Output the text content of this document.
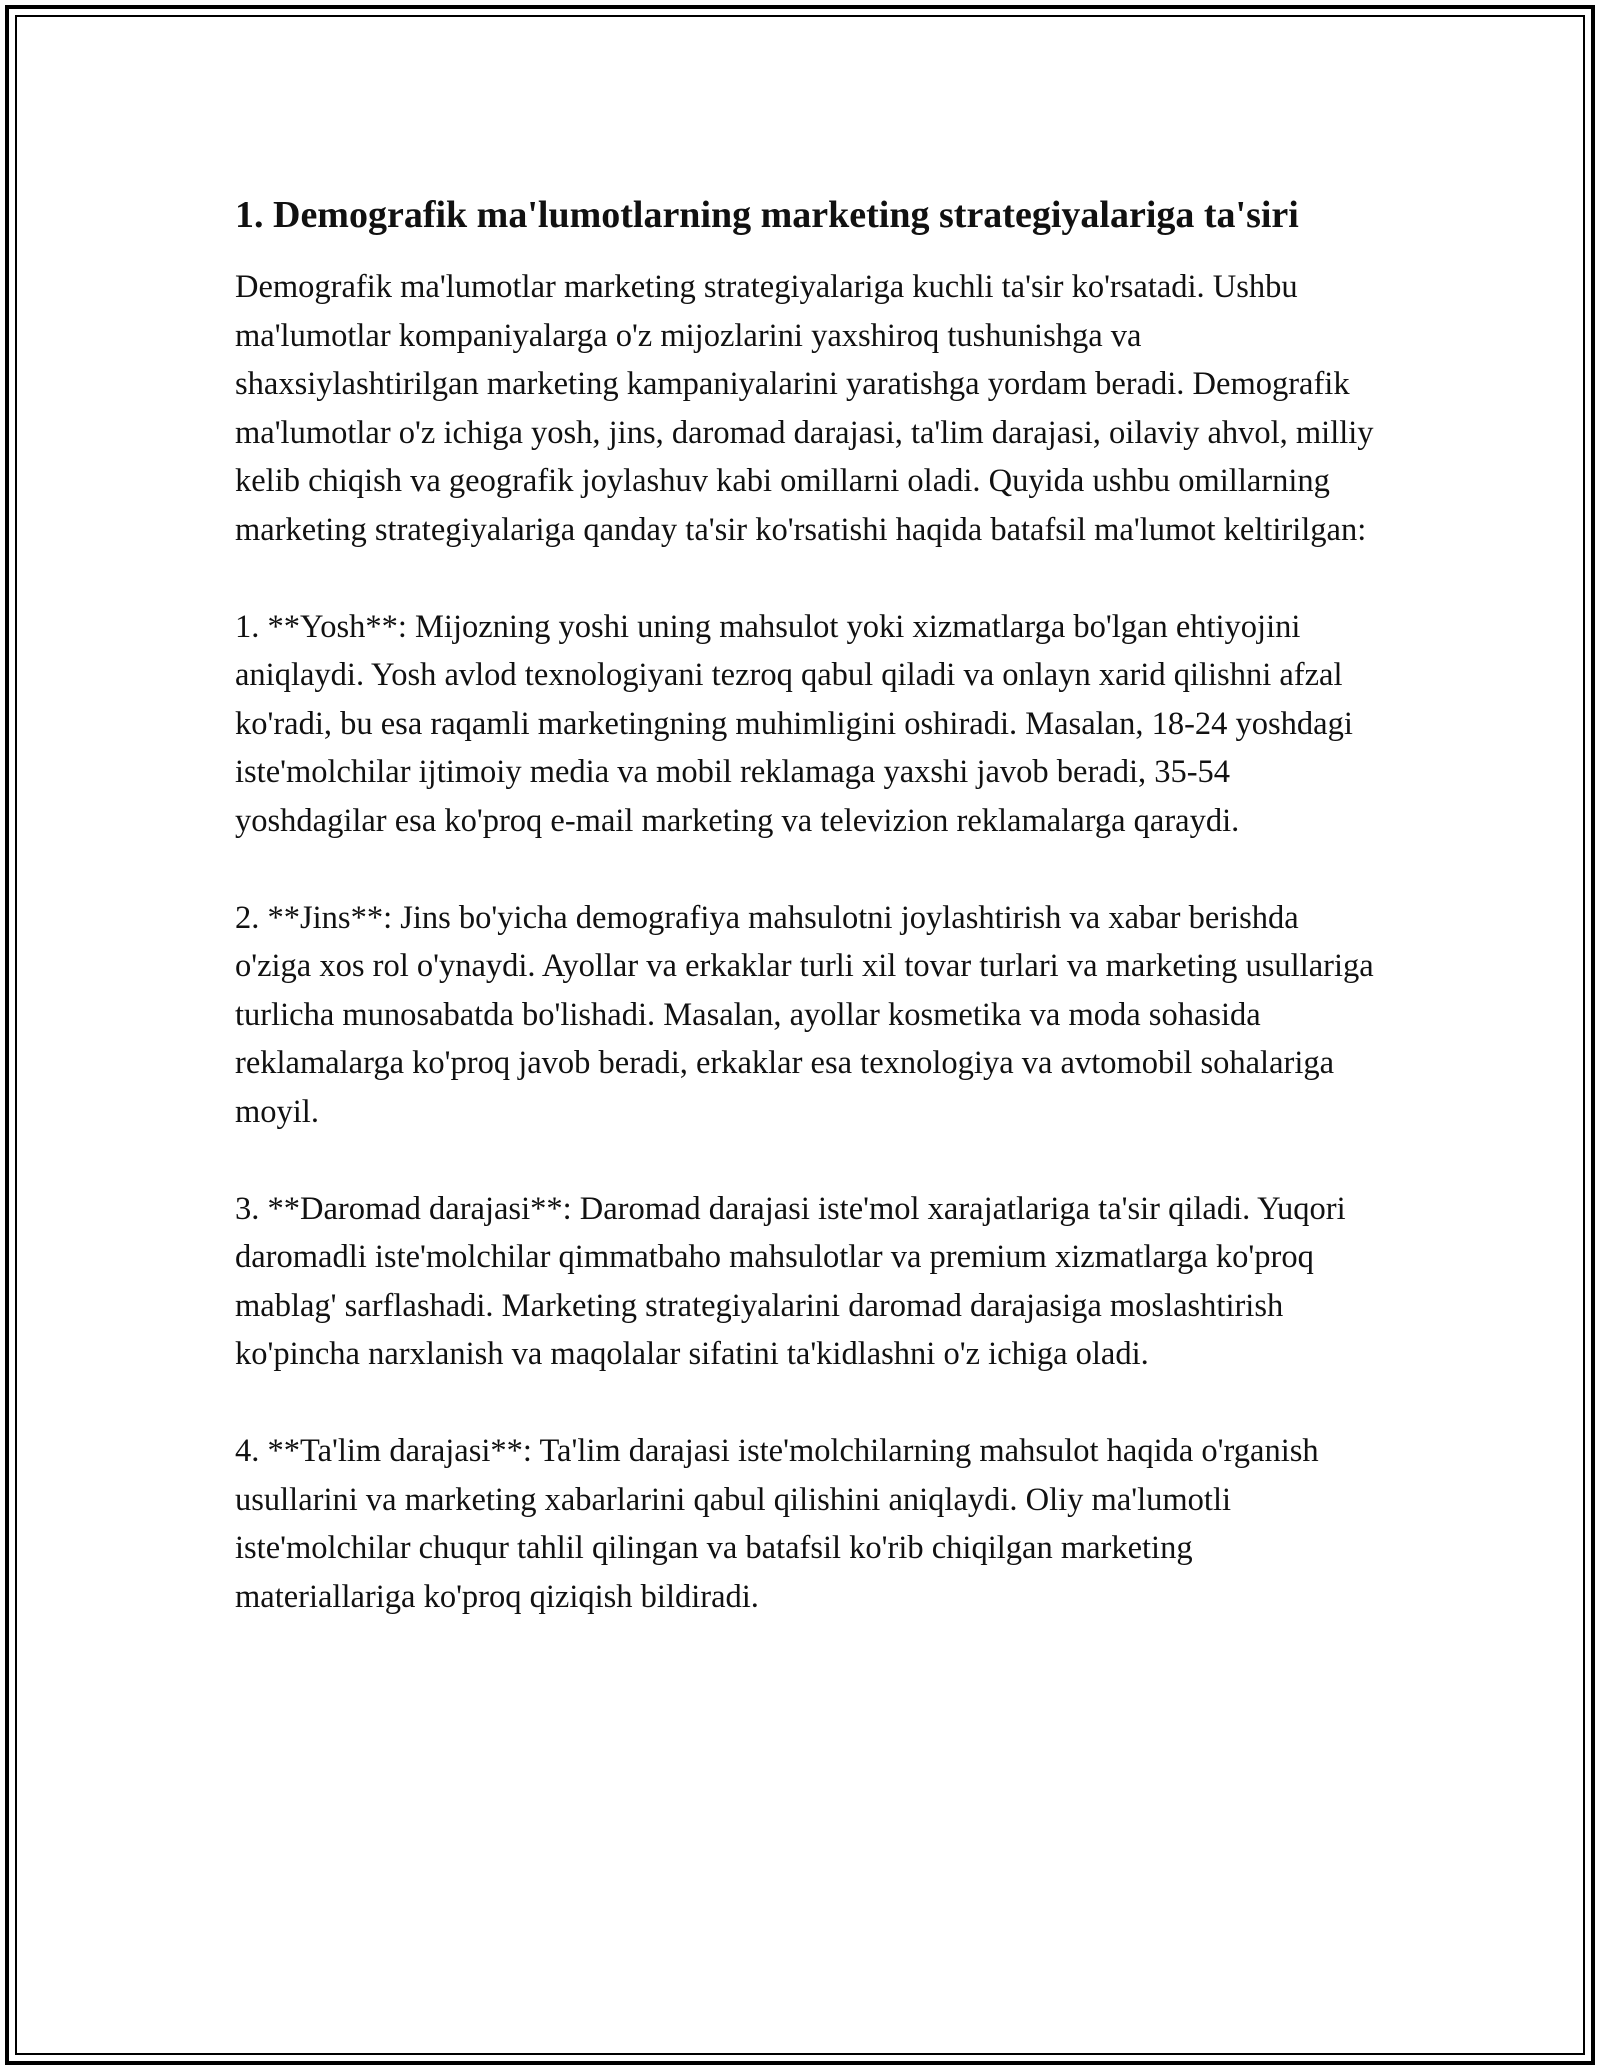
1. Demografik ma'lumotlarning marketing strategiyalariga ta'siri

Demografik ma'lumotlar marketing strategiyalariga kuchli ta'sir ko'rsatadi. Ushbu ma'lumotlar kompaniyalarga o'z mijozlarini yaxshiroq tushunishga va shaxsiylashtirilgan marketing kampaniyalarini yaratishga yordam beradi. Demografik ma'lumotlar o'z ichiga yosh, jins, daromad darajasi, ta'lim darajasi, oilaviy ahvol, milliy kelib chiqish va geografik joylashuv kabi omillarni oladi. Quyida ushbu omillarning marketing strategiyalariga qanday ta'sir ko'rsatishi haqida batafsil ma'lumot keltirilgan:

1. **Yosh**: Mijozning yoshi uning mahsulot yoki xizmatlarga bo'lgan ehtiyojini aniqlaydi. Yosh avlod texnologiyani tezroq qabul qiladi va onlayn xarid qilishni afzal ko'radi, bu esa raqamli marketingning muhimligini oshiradi. Masalan, 18-24 yoshdagi iste'molchilar ijtimoiy media va mobil reklamaga yaxshi javob beradi, 35-54 yoshdagilar esa ko'proq e-mail marketing va televizion reklamalarga qaraydi.

2. **Jins**: Jins bo'yicha demografiya mahsulotni joylashtirish va xabar berishda o'ziga xos rol o'ynaydi. Ayollar va erkaklar turli xil tovar turlari va marketing usullariga turlicha munosabatda bo'lishadi. Masalan, ayollar kosmetika va moda sohasida reklamalarga ko'proq javob beradi, erkaklar esa texnologiya va avtomobil sohalariga moyil.

3. **Daromad darajasi**: Daromad darajasi iste'mol xarajatlariga ta'sir qiladi. Yuqori daromadli iste'molchilar qimmatbaho mahsulotlar va premium xizmatlarga ko'proq mablag' sarflashadi. Marketing strategiyalarini daromad darajasiga moslashtirish ko'pincha narxlanish va maqolalar sifatini ta'kidlashni o'z ichiga oladi.

4. **Ta'lim darajasi**: Ta'lim darajasi iste'molchilarning mahsulot haqida o'rganish usullarini va marketing xabarlarini qabul qilishini aniqlaydi. Oliy ma'lumotli iste'molchilar chuqur tahlil qilingan va batafsil ko'rib chiqilgan marketing materiallariga ko'proq qiziqish bildiradi.
